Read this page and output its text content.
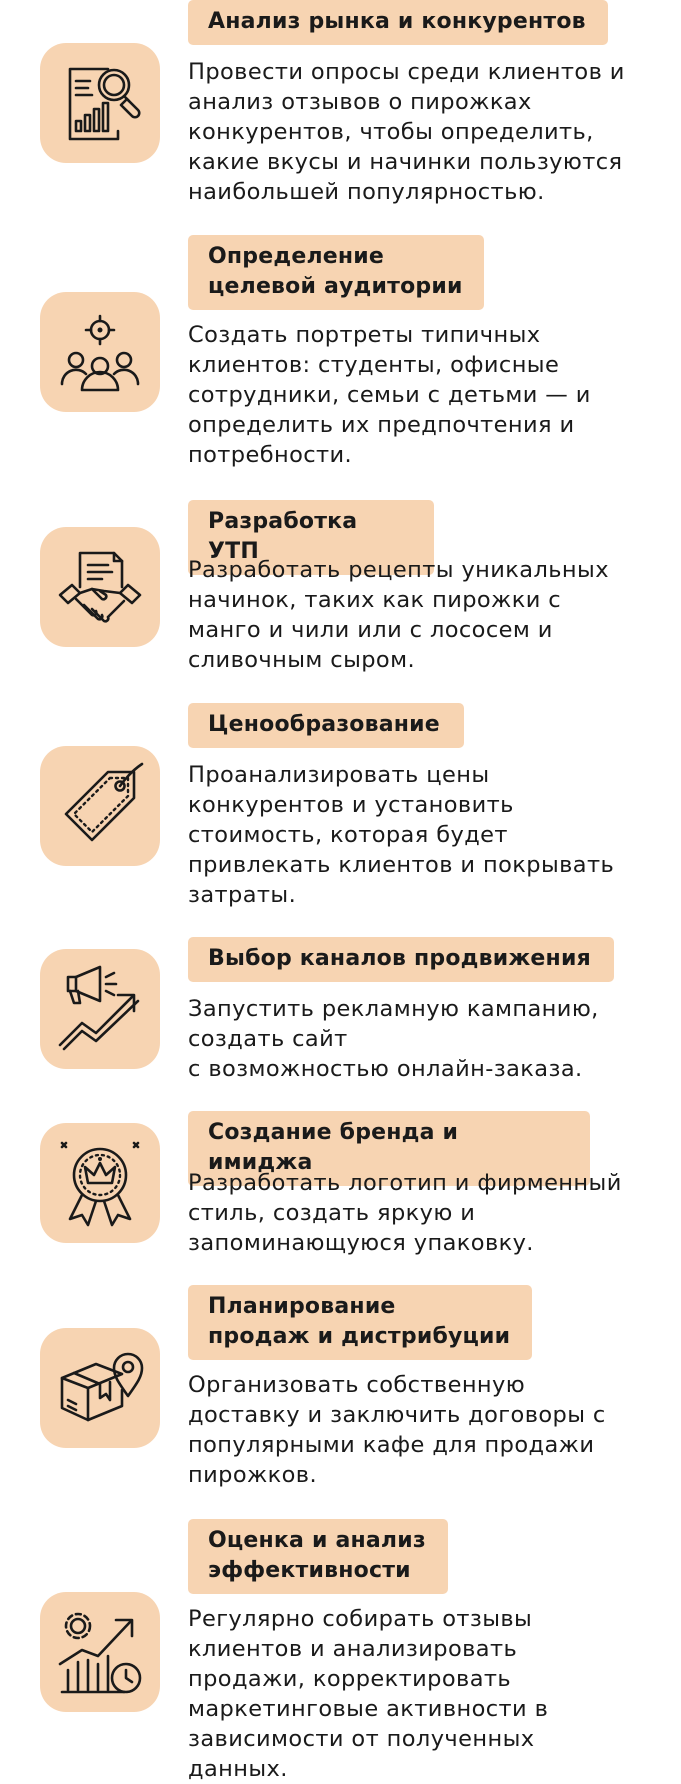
Анализ рынка и конкурентов

Провести опросы среди клиентов и
анализ отзывов о пирожках
конкурентов, чтобы определить,
какие вкусы и начинки пользуются
наибольшей популярностью.

Определение
целевой аудитории

Создать портреты типичных
клиентов: студенты, офисные
сотрудники, семьи с детьми — и
определить их предпочтения и
потребности.

Разработка УТП

Разработать рецепты уникальных
начинок, таких как пирожки с
манго и чили или с лососем и
сливочным сыром.

Ценообразование

Проанализировать цены
конкурентов и установить
стоимость, которая будет
привлекать клиентов и покрывать
затраты.

Выбор каналов продвижения

Запустить рекламную кампанию,
создать сайт
с возможностью онлайн-заказа.

Создание бренда и имиджа

Разработать логотип и фирменный
стиль, создать яркую и
запоминающуюся упаковку.

Планирование
продаж и дистрибуции

Организовать собственную
доставку и заключить договоры с
популярными кафе для продажи
пирожков.

Оценка и анализ
эффективности

Регулярно собирать отзывы
клиентов и анализировать
продажи, корректировать
маркетинговые активности в
зависимости от полученных
данных.
